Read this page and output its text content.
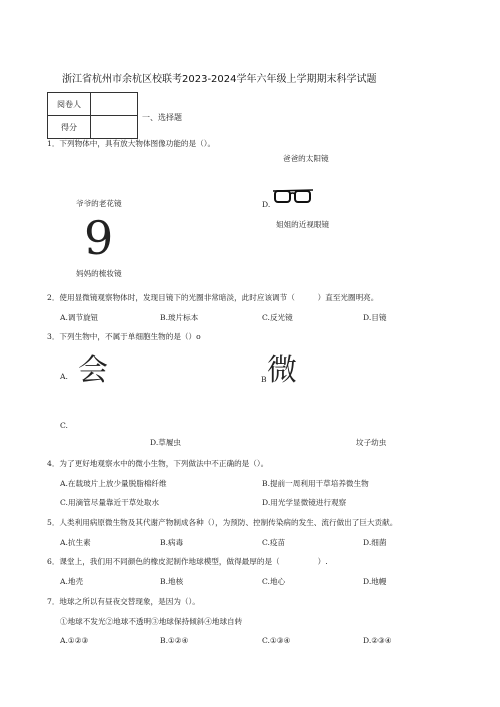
浙江省杭州市余杭区校联考2023-2024学年六年级上学期期末科学试题
阅卷人	
得分	
一、选择题
1．下列物体中，具有放大物体图像功能的是（）。
爸爸的太阳镜
爷爷的老花镜	D.
姐姐的近视眼镜
9
妈妈的梳妆镜
2．使用显微镜观察物体时，发现目镜下的光圈非常暗淡，此时应该调节（　　　）直至光圈明亮。
A.调节旋钮	B.玻片标本	C.反光镜	D.目镜
3．下列生物中，不属于单细胞生物的是（）o
A. 会	B 微
C.
D.草履虫	坟子幼虫
4．为了更好地观察水中的微小生物，下列做法中不正确的是（）。
A.在载玻片上放少量脱脂棉纤维	B.提前一周利用干草培养微生物
C.用滴管尽量靠近干草处取水	D.用光学显微镜进行观察
5．人类利用病原微生物及其代谢产物制成各种（），为预防、控制传染病的发生、流行做出了巨大贡献。
A.抗生素	B.病毒	C.疫苗	D.细菌
6．课堂上，我们用不同颜色的橡皮泥制作地球模型，做得最厚的是（　　　　　）.
A.地壳	B.地核	C.地心	D.地幔
7．地球之所以有昼夜交替现象，是因为（）。
①地球不发光②地球不透明③地球保持倾斜④地球自转
A.①②③	B.①②④	C.①③④	D.②③④
